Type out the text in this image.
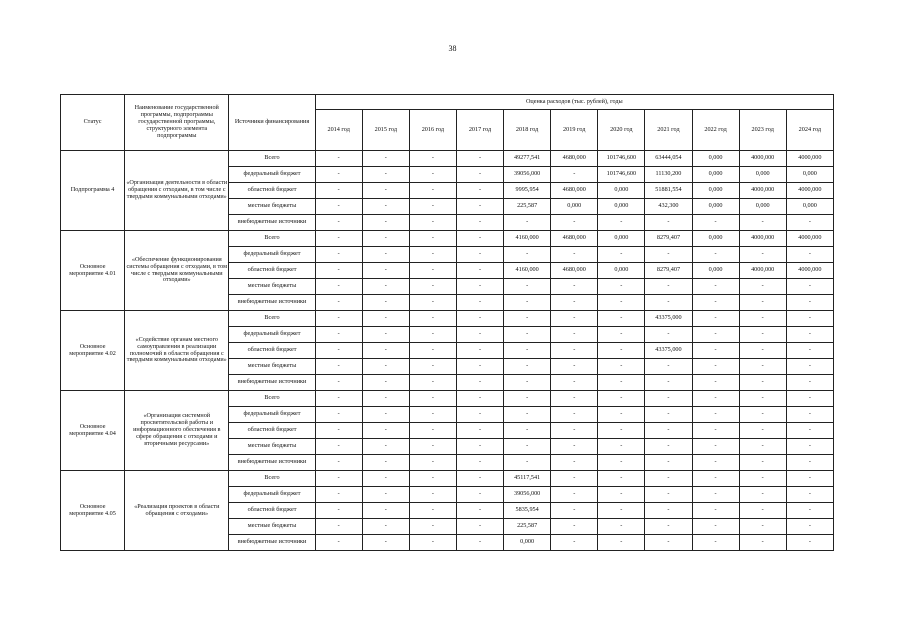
38
Статус	Наименование государственной программы, подпрограммы государственной программы, структурного элемента подпрограммы	Источники финансирования	Оценка расходов (тыс. рублей), годы										
			2014 год	2015 год	2016 год	2017 год	2018 год	2019 год	2020 год	2021 год	2022 год	2023 год	2024 год
Подпрограмма 4	«Организация деятельности в области обращения с отходами, в том числе с твердыми коммунальными отходами»	Всего	-	-	-	-	49277,541	4680,000	101746,600	63444,054	0,000	4000,000	4000,000
		федеральный бюджет	-	-	-	-	39056,000	-	101746,600	11130,200	0,000	0,000	0,000
		областной бюджет	-	-	-	-	9995,954	4680,000	0,000	51881,554	0,000	4000,000	4000,000
		местные бюджеты	-	-	-	-	225,587	0,000	0,000	432,300	0,000	0,000	0,000
		внебюджетные источники	-	-	-	-	-	-	-	-	-	-	-
Основное мероприятие 4.01	«Обеспечение функционирования системы обращения с отходами, в том числе с твердыми коммунальными отходами»	Всего	-	-	-	-	4160,000	4680,000	0,000	8279,407	0,000	4000,000	4000,000
		федеральный бюджет	-	-	-	-	-	-	-	-	-	-	-
		областной бюджет	-	-	-	-	4160,000	4680,000	0,000	8279,407	0,000	4000,000	4000,000
		местные бюджеты	-	-	-	-	-	-	-	-	-	-	-
		внебюджетные источники	-	-	-	-	-	-	-	-	-	-	-
Основное мероприятие 4.02	«Содействие органам местного самоуправления в реализации полномочий в области обращения с твердыми коммунальными отходами»	Всего	-	-	-	-	-	-	-	43375,000	-	-	-
		федеральный бюджет	-	-	-	-	-	-	-	-	-	-	-
		областной бюджет	-	-	-	-	-	-	-	43375,000	-	-	-
		местные бюджеты	-	-	-	-	-	-	-	-	-	-	-
		внебюджетные источники	-	-	-	-	-	-	-	-	-	-	-
Основное мероприятие 4.04	«Организация системной просветительской работы и информационного обеспечения в сфере обращения с отходами и вторичными ресурсами»	Всего	-	-	-	-	-	-	-	-	-	-	-
		федеральный бюджет	-	-	-	-	-	-	-	-	-	-	-
		областной бюджет	-	-	-	-	-	-	-	-	-	-	-
		местные бюджеты	-	-	-	-	-	-	-	-	-	-	-
		внебюджетные источники	-	-	-	-	-	-	-	-	-	-	-
Основное мероприятие 4.05	«Реализация проектов в области обращения с отходами»	Всего	-	-	-	-	45117,541	-	-	-	-	-	-
		федеральный бюджет	-	-	-	-	39056,000	-	-	-	-	-	-
		областной бюджет	-	-	-	-	5835,954	-	-	-	-	-	-
		местные бюджеты	-	-	-	-	225,587	-	-	-	-	-	-
		внебюджетные источники	-	-	-	-	0,000	-	-	-	-	-	-
